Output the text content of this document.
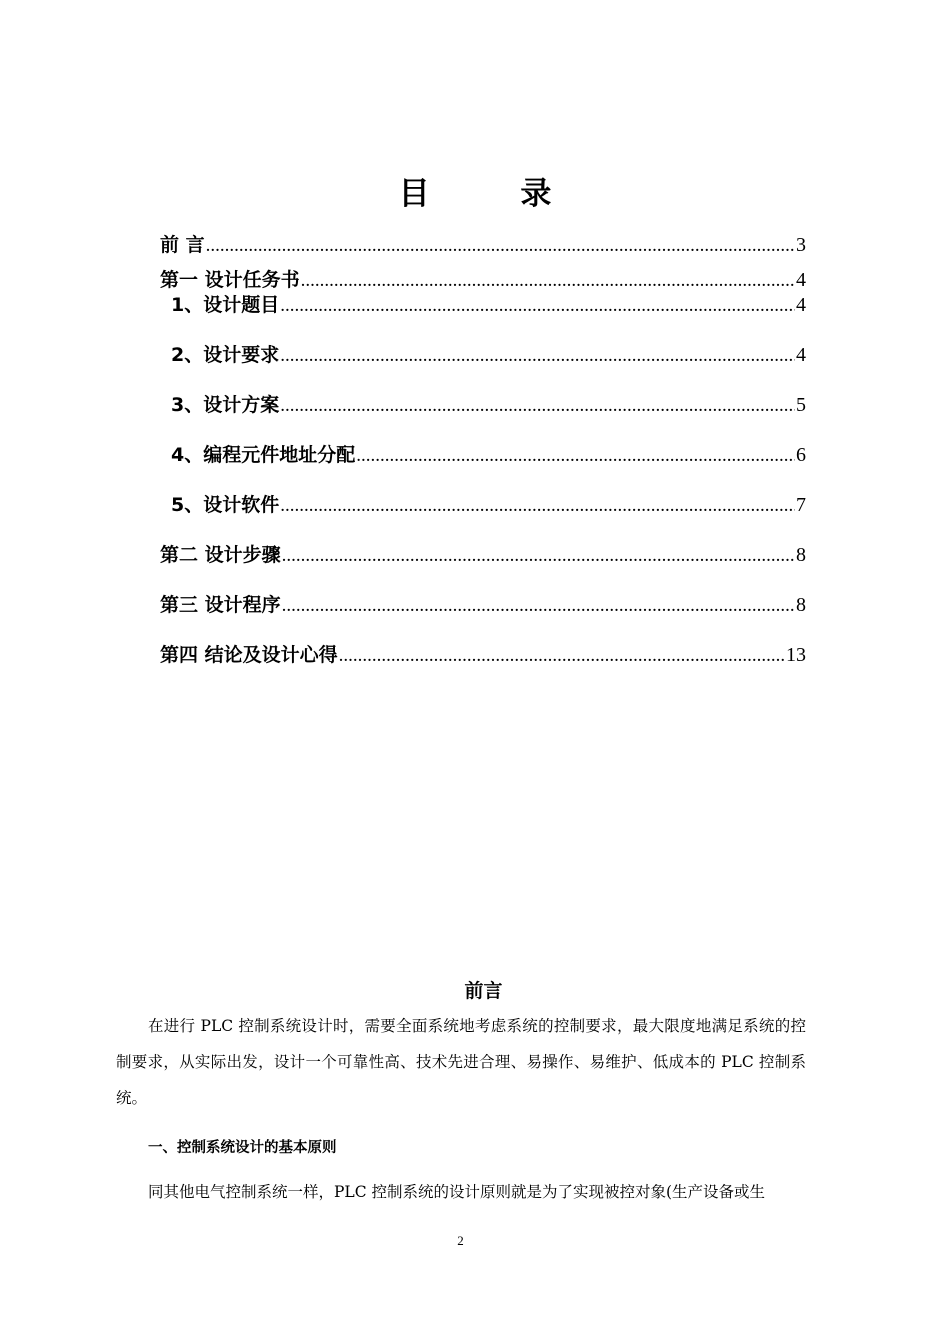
目 录
前 言 .....	3
第一 设计任务书 .....	4
1、设计题目 .....	4
2、设计要求 .....	4
3、设计方案 .....	5
4、编程元件地址分配 .....	6
5、设计软件 .....	7
第二 设计步骤 .....	8
第三 设计程序 .....	8
第四 结论及设计心得 .....	13
前言
在进行 PLC 控制系统设计时，需要全面系统地考虑系统的控制要求，最大限度地满足系统的控制要求，从实际出发，设计一个可靠性高、技术先进合理、易操作、易维护、低成本的 PLC 控制系统。
一、控制系统设计的基本原则
同其他电气控制系统一样，PLC 控制系统的设计原则就是为了实现被控对象(生产设备或生
2
